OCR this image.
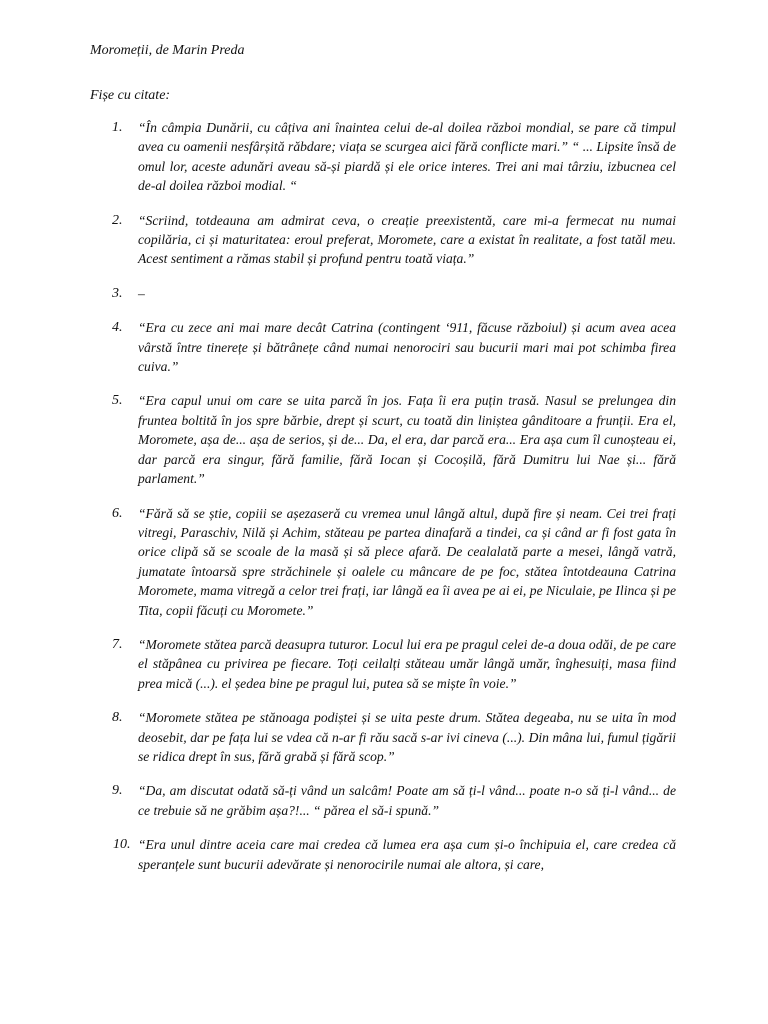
Moromeții, de Marin Preda
Fișe cu citate:
1.	“În câmpia Dunării, cu câțiva ani înaintea celui de-al doilea război mondial, se pare că timpul avea cu oamenii nesfârșită răbdare; viața se scurgea aici fără conflicte mari.” “ ... Lipsite însă de omul lor, aceste adunări aveau să-și piardă și ele orice interes. Trei ani mai târziu, izbucnea cel de-al doilea război modial. “
2.	“Scriind, totdeauna am admirat ceva, o creație preexistentă, care mi-a fermecat nu numai copilăria, ci și maturitatea: eroul preferat, Moromete, care a existat în realitate, a fost tatăl meu. Acest sentiment a rămas stabil și profund pentru toată viața.”
3.	–
4.	“Era cu zece ani mai mare decât Catrina (contingent ‘911, făcuse războiul) și acum avea acea vârstă între tinerețe și bătrânețe când numai nenorociri sau bucurii mari mai pot schimba firea cuiva.”
5.	“Era capul unui om care se uita parcă în jos. Fața îi era puțin trasă. Nasul se prelungea din fruntea boltită în jos spre bărbie, drept și scurt, cu toată din liniștea gânditoare a frunții. Era el, Moromete, așa de... așa de serios, și de... Da, el era, dar parcă era... Era așa cum îl cunoșteau ei, dar parcă era singur, fără familie, fără Iocan și Cocoșilă, fără Dumitru lui Nae și... fără parlament.”
6.	“Fără să se știe, copiii se așezaseră cu vremea unul lângă altul, după fire și neam. Cei trei frați vitregi, Paraschiv, Nilă și Achim, stăteau pe partea dinafară a tindei, ca și când ar fi fost gata în orice clipă să se scoale de la masă și să plece afară. De cealalată parte a mesei, lângă vatră, jumatate întoarsă spre străchinele și oalele cu mâncare de pe foc, stătea întotdeauna Catrina Moromete, mama vitregă a celor trei frați, iar lângă ea îi avea pe ai ei, pe Niculaie, pe Ilinca și pe Tita, copii făcuți cu Moromete.”
7.	“Moromete stătea parcă deasupra tuturor. Locul lui era pe pragul celei de-a doua odăi, de pe care el stăpânea cu privirea pe fiecare. Toți ceilalți stăteau umăr lângă umăr, înghesuiți, masa fiind prea mică (...). el ședea bine pe pragul lui, putea să se miște în voie.”
8.	“Moromete stătea pe stănoaga podiștei și se uita peste drum. Stătea degeaba, nu se uita în mod deosebit, dar pe fața lui se vdea că n-ar fi rău sacă s-ar ivi cineva (...). Din mâna lui, fumul țigării se ridica drept în sus, fără grabă și fără scop.”
9.	“Da, am discutat odată să-ți vând un salcâm! Poate am să ți-l vând... poate n-o să ți-l vând... de ce trebuie să ne grăbim așa?!... “ părea el să-i spună.”
10. “Era unul dintre aceia care mai credea că lumea era așa cum și-o închipuia el, care credea că speranțele sunt bucurii adevărate și nenorocirile numai ale altora, și care,
